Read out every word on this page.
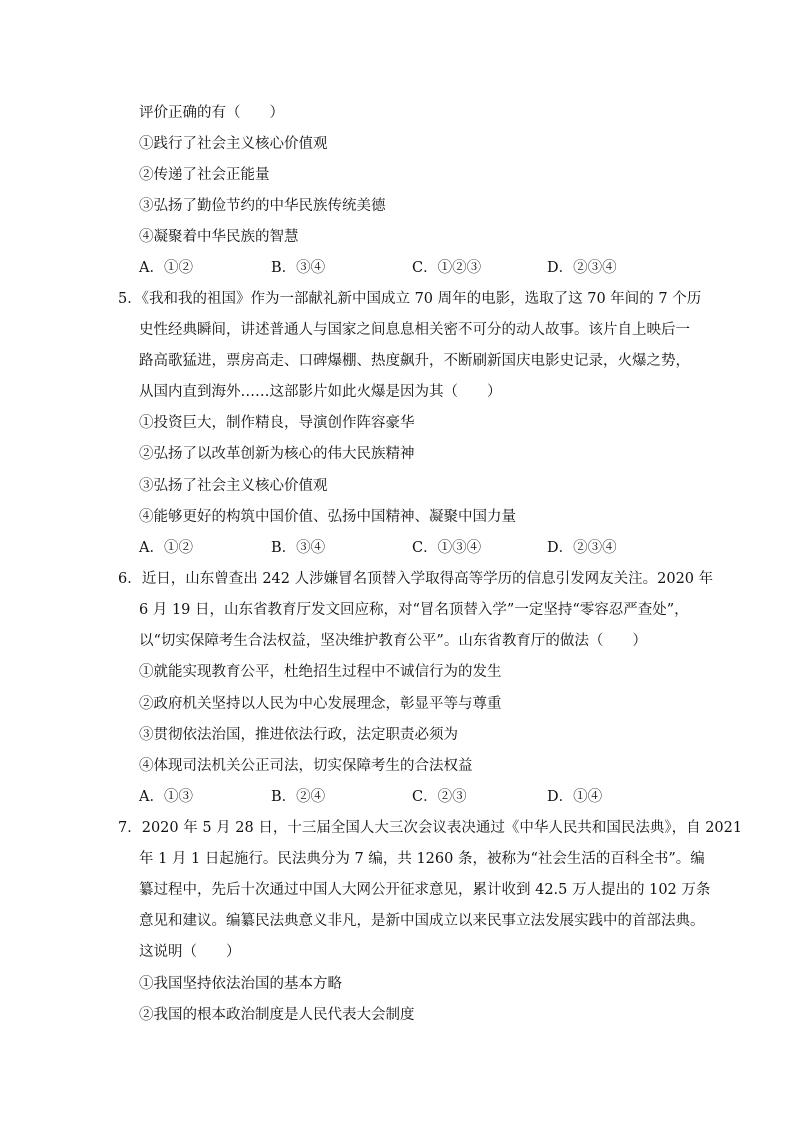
评价正确的有（　　）
①践行了社会主义核心价值观
②传递了社会正能量
③弘扬了勤俭节约的中华民族传统美德
④凝聚着中华民族的智慧
A．①②	B．③④	C．①②③	D．②③④
5．《我和我的祖国》作为一部献礼新中国成立 70 周年的电影，选取了这 70 年间的 7 个历
史性经典瞬间，讲述普通人与国家之间息息相关密不可分的动人故事。该片自上映后一
路高歌猛进，票房高走、口碑爆棚、热度飙升，不断刷新国庆电影史记录，火爆之势，
从国内直到海外……这部影片如此火爆是因为其（　　）
①投资巨大，制作精良，导演创作阵容豪华
②弘扬了以改革创新为核心的伟大民族精神
③弘扬了社会主义核心价值观
④能够更好的构筑中国价值、弘扬中国精神、凝聚中国力量
A．①②	B．③④	C．①③④	D．②③④
6．近日，山东曾查出 242 人涉嫌冒名顶替入学取得高等学历的信息引发网友关注。2020 年
6 月 19 日，山东省教育厅发文回应称，对“冒名顶替入学”一定坚持“零容忍严查处”，
以“切实保障考生合法权益，坚决维护教育公平”。山东省教育厅的做法（　　）
①就能实现教育公平，杜绝招生过程中不诚信行为的发生
②政府机关坚持以人民为中心发展理念，彰显平等与尊重
③贯彻依法治国，推进依法行政，法定职责必须为
④体现司法机关公正司法，切实保障考生的合法权益
A．①③	B．②④	C．②③	D．①④
7．2020 年 5 月 28 日，十三届全国人大三次会议表决通过《中华人民共和国民法典》，自 2021
年 1 月 1 日起施行。民法典分为 7 编，共 1260 条，被称为“社会生活的百科全书”。编
纂过程中，先后十次通过中国人大网公开征求意见，累计收到 42.5 万人提出的 102 万条
意见和建议。编纂民法典意义非凡，是新中国成立以来民事立法发展实践中的首部法典。
这说明（　　）
①我国坚持依法治国的基本方略
②我国的根本政治制度是人民代表大会制度
